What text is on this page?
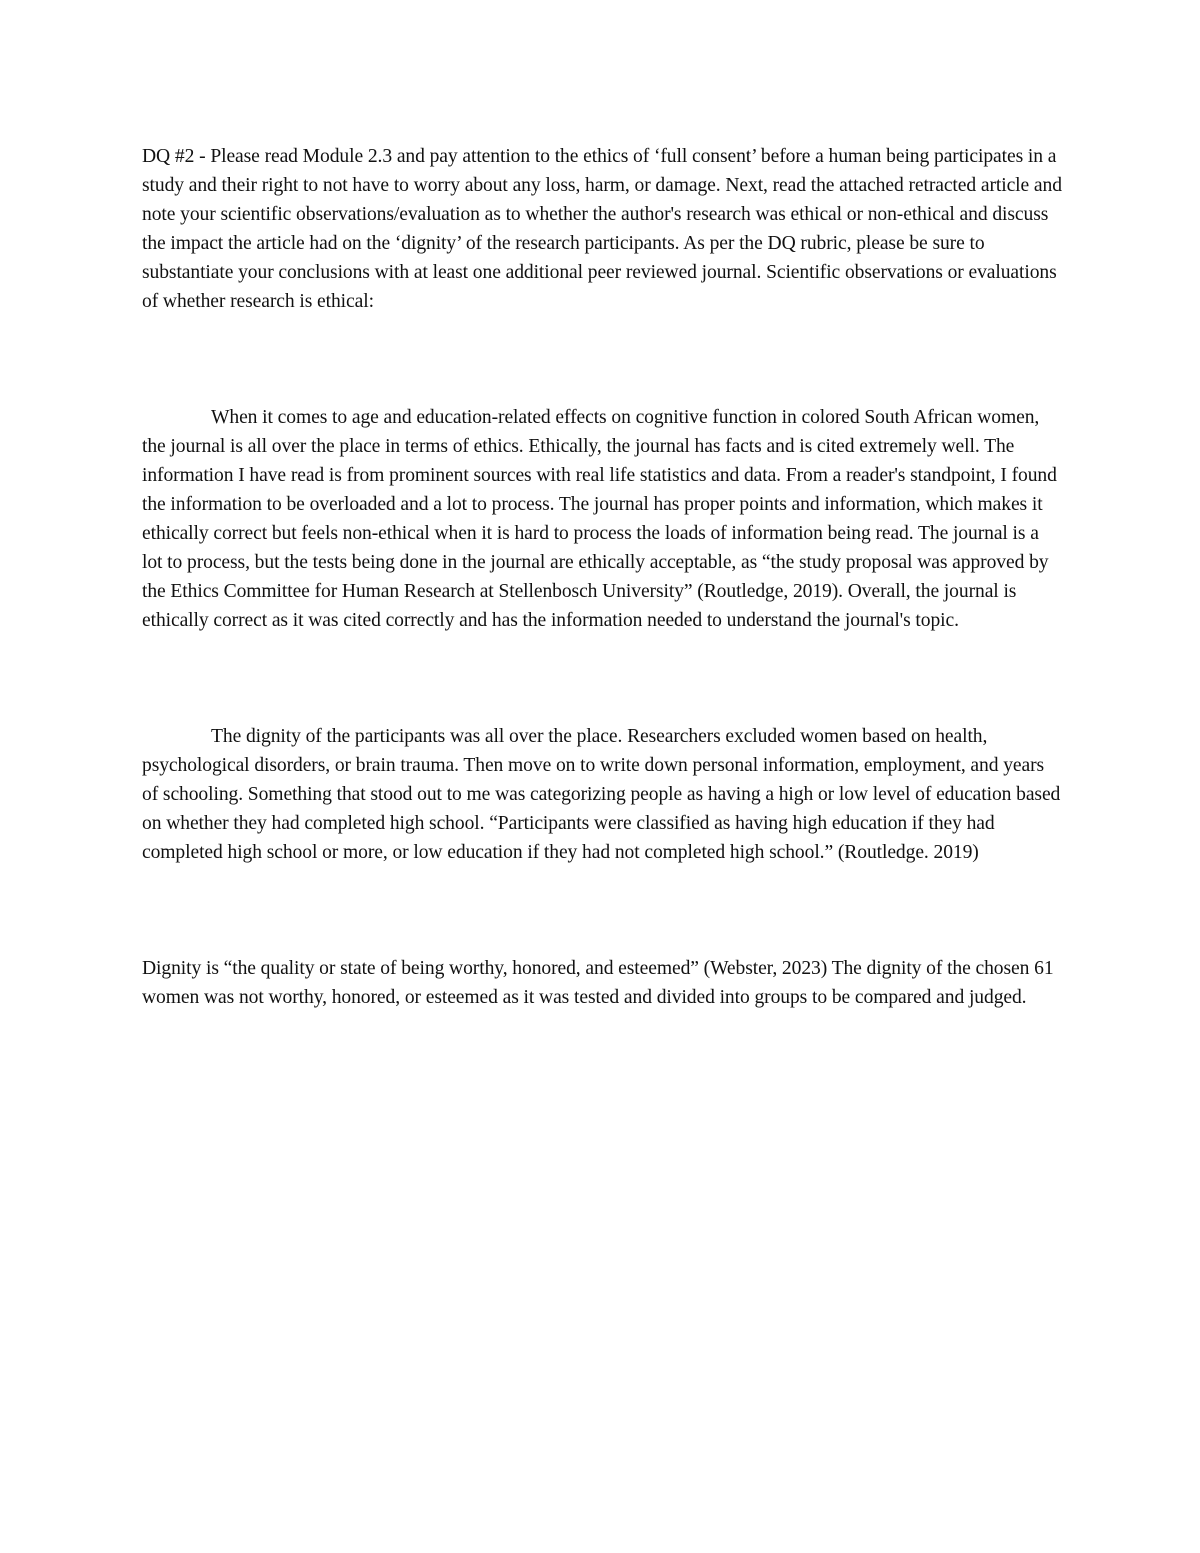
DQ #2 - Please read Module 2.3 and pay attention to the ethics of ‘full consent’ before a human being participates in a study and their right to not have to worry about any loss, harm, or damage. Next, read the attached retracted article and note your scientific observations/evaluation as to whether the author's research was ethical or non-ethical and discuss the impact the article had on the ‘dignity’ of the research participants. As per the DQ rubric, please be sure to substantiate your conclusions with at least one additional peer reviewed journal. Scientific observations or evaluations of whether research is ethical:

When it comes to age and education-related effects on cognitive function in colored South African women, the journal is all over the place in terms of ethics. Ethically, the journal has facts and is cited extremely well. The information I have read is from prominent sources with real life statistics and data. From a reader's standpoint, I found the information to be overloaded and a lot to process. The journal has proper points and information, which makes it ethically correct but feels non-ethical when it is hard to process the loads of information being read. The journal is a lot to process, but the tests being done in the journal are ethically acceptable, as “the study proposal was approved by the Ethics Committee for Human Research at Stellenbosch University” (Routledge, 2019). Overall, the journal is ethically correct as it was cited correctly and has the information needed to understand the journal's topic.

The dignity of the participants was all over the place. Researchers excluded women based on health, psychological disorders, or brain trauma. Then move on to write down personal information, employment, and years of schooling. Something that stood out to me was categorizing people as having a high or low level of education based on whether they had completed high school. “Participants were classified as having high education if they had completed high school or more, or low education if they had not completed high school.” (Routledge. 2019)

Dignity is “the quality or state of being worthy, honored, and esteemed” (Webster, 2023) The dignity of the chosen 61 women was not worthy, honored, or esteemed as it was tested and divided into groups to be compared and judged.
